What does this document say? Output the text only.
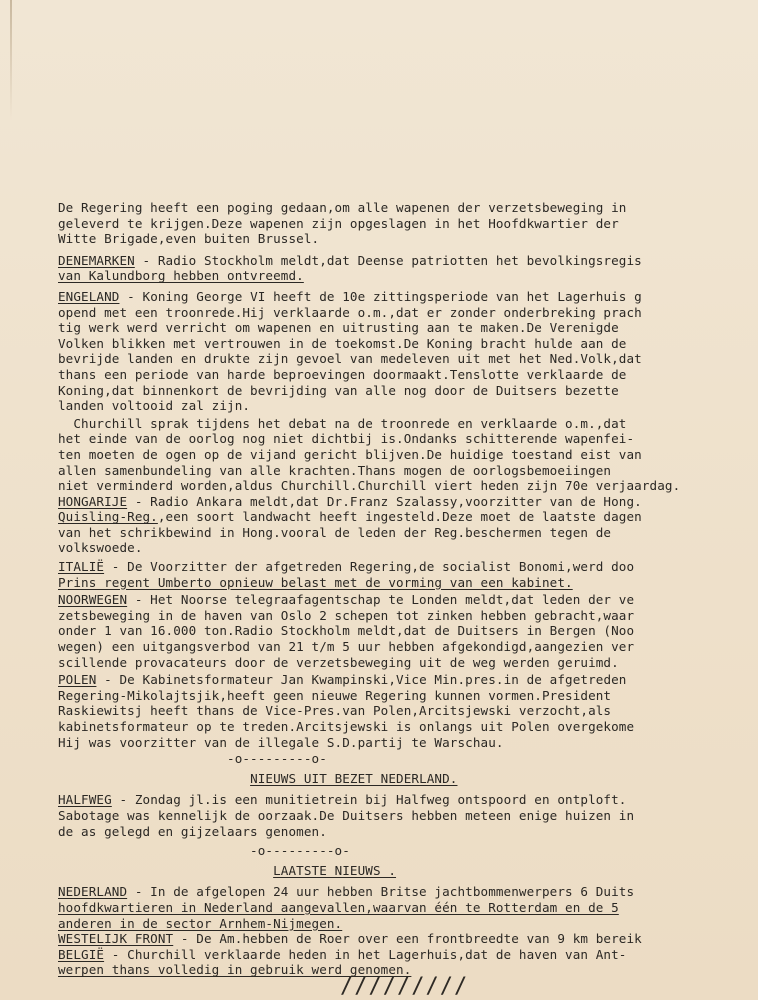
De Regering heeft een poging gedaan,om alle wapenen der verzetsbeweging in
geleverd te krijgen.Deze wapenen zijn opgeslagen in het Hoofdkwartier der
Witte Brigade,even buiten Brussel.
DENEMARKEN - Radio Stockholm meldt,dat Deense patriotten het bevolkingsregis
van Kalundborg hebben ontvreemd.
ENGELAND - Koning George VI heeft de 10e zittingsperiode van het Lagerhuis g
opend met een troonrede.Hij verklaarde o.m.,dat er zonder onderbreking prach
tig werk werd verricht om wapenen en uitrusting aan te maken.De Verenigde
Volken blikken met vertrouwen in de toekomst.De Koning bracht hulde aan de
bevrijde landen en drukte zijn gevoel van medeleven uit met het Ned.Volk,dat
thans een periode van harde beproevingen doormaakt.Tenslotte verklaarde de
Koning,dat binnenkort de bevrijding van alle nog door de Duitsers bezette
landen voltooid zal zijn.
Churchill sprak tijdens het debat na de troonrede en verklaarde o.m.,dat
het einde van de oorlog nog niet dichtbij is.Ondanks schitterende wapenfei-
ten moeten de ogen op de vijand gericht blijven.De huidige toestand eist van
allen samenbundeling van alle krachten.Thans mogen de oorlogsbemoeiingen
niet verminderd worden,aldus Churchill.Churchill viert heden zijn 70e verjaardag.
HONGARIJE - Radio Ankara meldt,dat Dr.Franz Szalassy,voorzitter van de Hong.
Quisling-Reg.,een soort landwacht heeft ingesteld.Deze moet de laatste dagen
van het schrikbewind in Hong.vooral de leden der Reg.beschermen tegen de
volkswoede.
ITALIË - De Voorzitter der afgetreden Regering,de socialist Bonomi,werd doo
Prins regent Umberto opnieuw belast met de vorming van een kabinet.
NOORWEGEN - Het Noorse telegraafagentschap te Londen meldt,dat leden der ve
zetsbeweging in de haven van Oslo 2 schepen tot zinken hebben gebracht,waar
onder 1 van 16.000 ton.Radio Stockholm meldt,dat de Duitsers in Bergen (Noo
wegen) een uitgangsverbod van 21 t/m 5 uur hebben afgekondigd,aangezien ver
scillende provacateurs door de verzetsbeweging uit de weg werden geruimd.
POLEN - De Kabinetsformateur Jan Kwampinski,Vice Min.pres.in de afgetreden
Regering-Mikolajtsjik,heeft geen nieuwe Regering kunnen vormen.President
Raskiewitsj heeft thans de Vice-Pres.van Polen,Arcitsjewski verzocht,als
kabinetsformateur op te treden.Arcitsjewski is onlangs uit Polen overgekome
Hij was voorzitter van de illegale S.D.partij te Warschau.
-o---------o-
NIEUWS UIT BEZET NEDERLAND.
HALFWEG - Zondag jl.is een munitietrein bij Halfweg ontspoord en ontploft.
Sabotage was kennelijk de oorzaak.De Duitsers hebben meteen enige huizen in
de as gelegd en gijzelaars genomen.
-o---------o-
LAATSTE NIEUWS .
NEDERLAND - In de afgelopen 24 uur hebben Britse jachtbommenwerpers 6 Duits
hoofdkwartieren in Nederland aangevallen,waarvan één te Rotterdam en de 5
anderen in de sector Arnhem-Nijmegen.
WESTELIJK FRONT - De Am.hebben de Roer over een frontbreedte van 9 km bereik
BELGIË - Churchill verklaarde heden in het Lagerhuis,dat de haven van Ant-
werpen thans volledig in gebruik werd genomen.
/////////
